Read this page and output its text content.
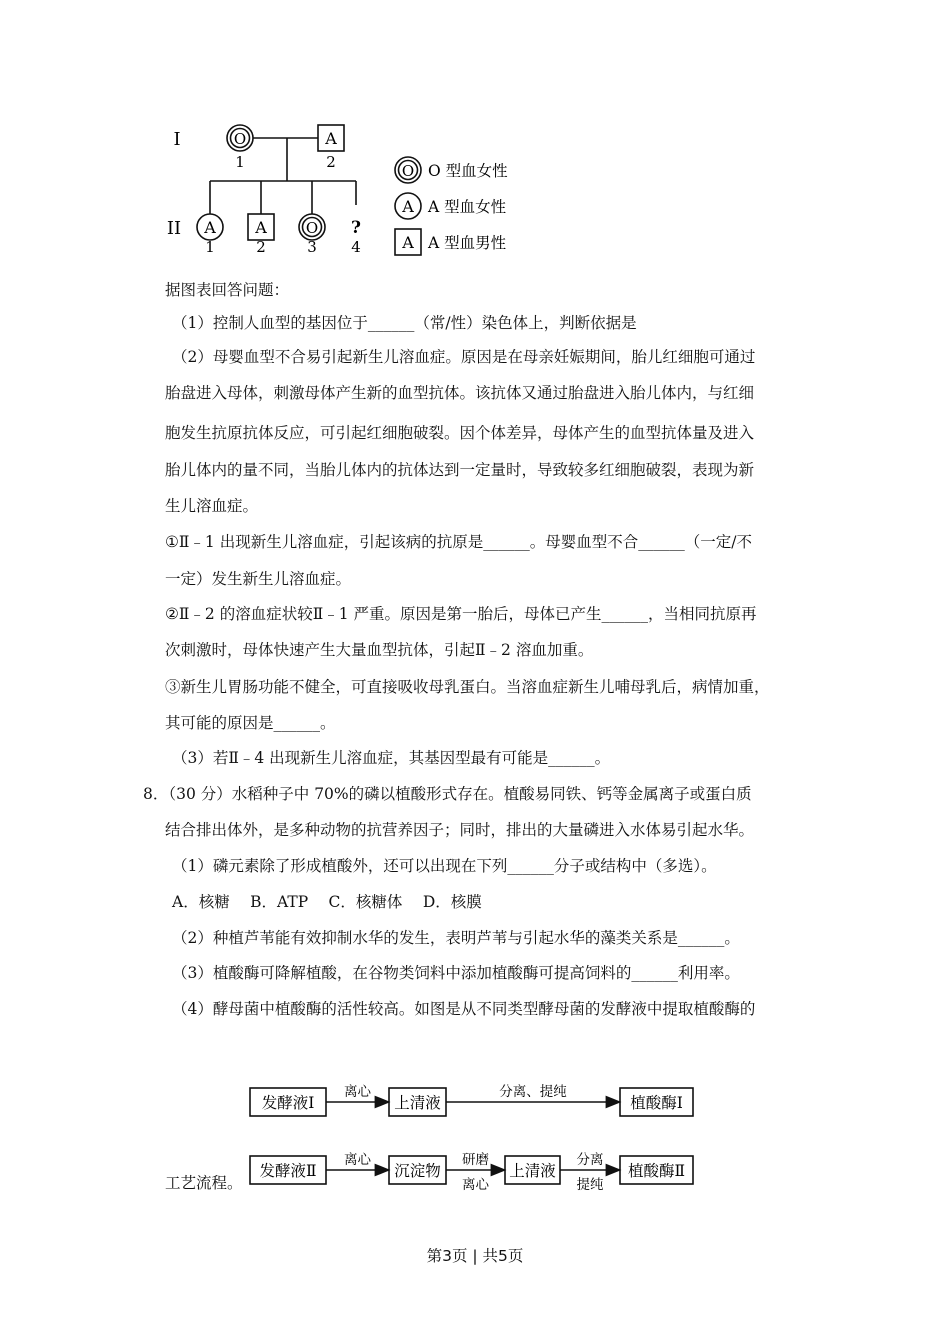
I
II
O
1
A
2
A
1
A
2
O
3
?
4
O O 型血女性
A A 型血女性
A A 型血男性
据图表回答问题：
（1）控制人血型的基因位于______（常/性）染色体上，判断依据是
（2）母婴血型不合易引起新生儿溶血症。原因是在母亲妊娠期间，胎儿红细胞可通过
胎盘进入母体，刺激母体产生新的血型抗体。该抗体又通过胎盘进入胎儿体内，与红细
胞发生抗原抗体反应，可引起红细胞破裂。因个体差异，母体产生的血型抗体量及进入
胎儿体内的量不同，当胎儿体内的抗体达到一定量时，导致较多红细胞破裂，表现为新
生儿溶血症。
①Ⅱ﹣1 出现新生儿溶血症，引起该病的抗原是______。母婴血型不合______（一定/不
一定）发生新生儿溶血症。
②Ⅱ﹣2 的溶血症状较Ⅱ﹣1 严重。原因是第一胎后，母体已产生______，当相同抗原再
次刺激时，母体快速产生大量血型抗体，引起Ⅱ﹣2 溶血加重。
③新生儿胃肠功能不健全，可直接吸收母乳蛋白。当溶血症新生儿哺母乳后，病情加重，
其可能的原因是______。
（3）若Ⅱ﹣4 出现新生儿溶血症，其基因型最有可能是______。
8．（30 分）水稻种子中 70%的磷以植酸形式存在。植酸易同铁、钙等金属离子或蛋白质
结合排出体外，是多种动物的抗营养因子；同时，排出的大量磷进入水体易引起水华。
（1）磷元素除了形成植酸外，还可以出现在下列______分子或结构中（多选）。
A．核糖　 B．ATP　 C．核糖体　 D．核膜
（2）种植芦苇能有效抑制水华的发生，表明芦苇与引起水华的藻类关系是______。
（3）植酸酶可降解植酸，在谷物类饲料中添加植酸酶可提高饲料的______利用率。
（4）酵母菌中植酸酶的活性较高。如图是从不同类型酵母菌的发酵液中提取植酸酶的
工艺流程。
发酵液Ⅰ	上清液	植酸酶Ⅰ
离心	分离、提纯
发酵液Ⅱ	沉淀物	上清液	植酸酶Ⅱ
离心	研磨
离心
分离
提纯
第3页 | 共5页
